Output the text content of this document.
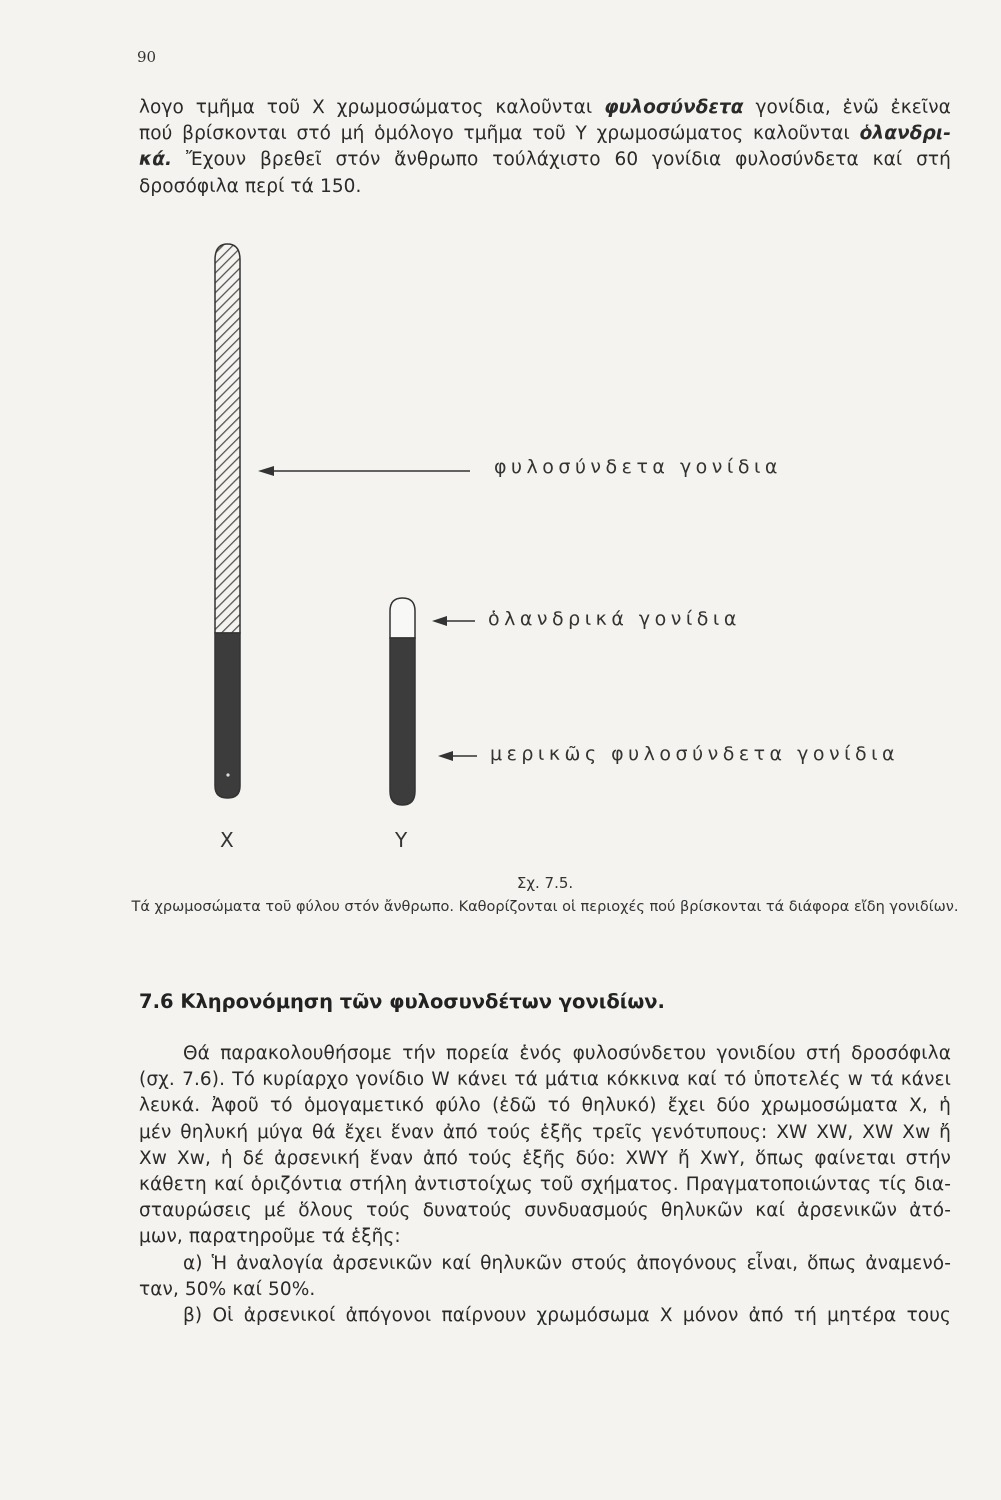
90
λογο τμῆμα τοῦ Χ χρωμοσώματος καλοῦνται φυλοσύνδετα γονίδια, ἐνῶ ἐκεῖνα
πού βρίσκονται στό μή ὁμόλογο τμῆμα τοῦ Υ χρωμοσώματος καλοῦνται ὁλανδρι-
κά. Ἔχουν βρεθεῖ στόν ἄνθρωπο τούλάχιστο 60 γονίδια φυλοσύνδετα καί στή
δροσόφιλα περί τά 150.
φυλοσύνδετα γονίδια
ὁλανδρικά γονίδια
μερικῶς φυλοσύνδετα γονίδια
X	Y

Σχ. 7.5.

Τά χρωμοσώματα τοῦ φύλου στόν ἄνθρωπο. Καθορίζονται οἱ περιοχές πού βρίσκονται τά διάφορα εἴδη γονιδίων.

7.6 Κληρονόμηση τῶν φυλοσυνδέτων γονιδίων.
Θά παρακολουθήσομε τήν πορεία ἑνός φυλοσύνδετου γονιδίου στή δροσόφιλα
(σχ. 7.6). Τό κυρίαρχο γονίδιο W κάνει τά μάτια κόκκινα καί τό ὑποτελές w τά κάνει
λευκά. Ἀφοῦ τό ὁμογαμετικό φύλο (ἐδῶ τό θηλυκό) ἔχει δύο χρωμοσώματα Χ, ἡ
μέν θηλυκή μύγα θά ἔχει ἕναν ἀπό τούς ἑξῆς τρεῖς γενότυπους: XW XW, XW Xw ἤ
Xw Xw, ἡ δέ ἀρσενική ἕναν ἀπό τούς ἑξῆς δύο: XWY ἤ XwY, ὅπως φαίνεται στήν
κάθετη καί ὁριζόντια στήλη ἀντιστοίχως τοῦ σχήματος. Πραγματοποιώντας τίς δια-
σταυρώσεις μέ ὅλους τούς δυνατούς συνδυασμούς θηλυκῶν καί ἀρσενικῶν ἀτό-
μων, παρατηροῦμε τά ἑξῆς:
α) Ἡ ἀναλογία ἀρσενικῶν καί θηλυκῶν στούς ἀπογόνους εἶναι, ὅπως ἀναμενό-
ταν, 50% καί 50%.
β) Οἱ ἀρσενικοί ἀπόγονοι παίρνουν χρωμόσωμα Χ μόνον ἀπό τή μητέρα τους
